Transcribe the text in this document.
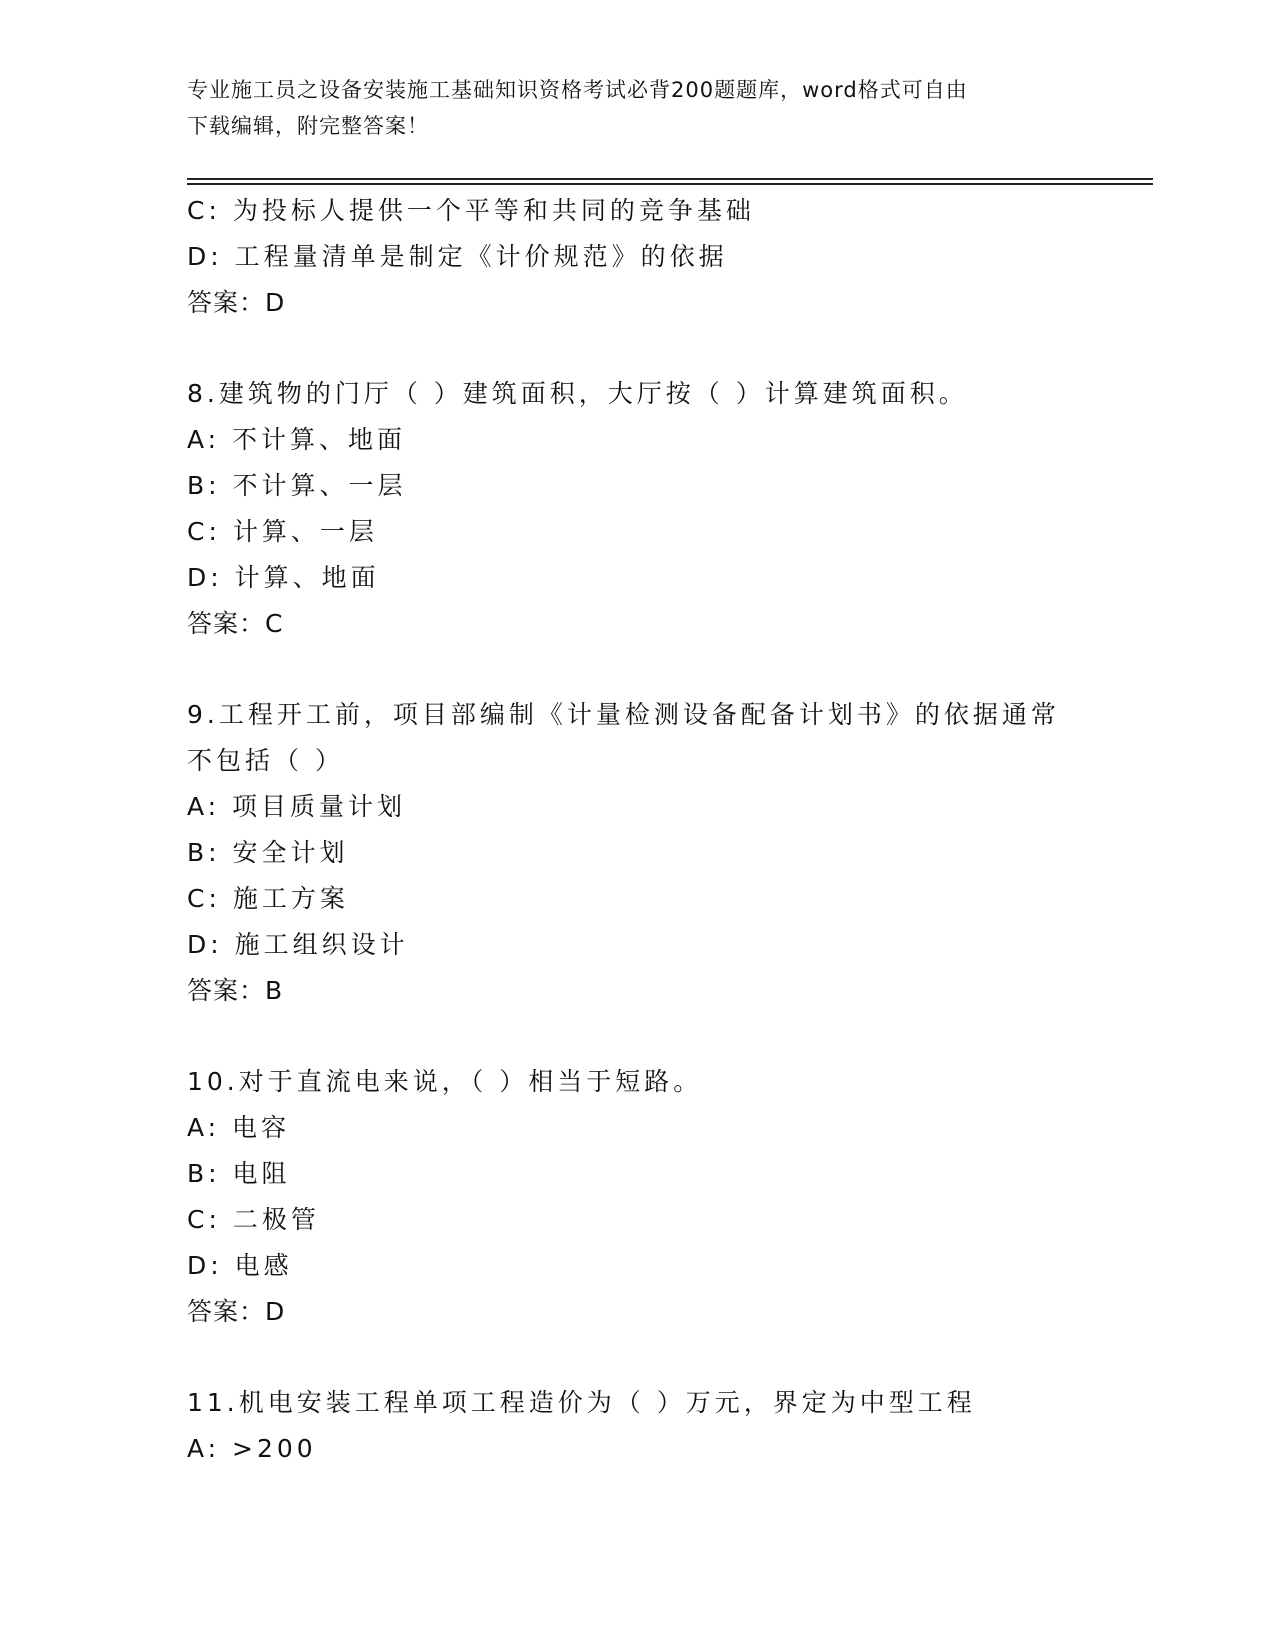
专业施工员之设备安装施工基础知识资格考试必背200题题库，word格式可自由
下载编辑，附完整答案！
C: 为投标人提供一个平等和共同的竞争基础
D: 工程量清单是制定《计价规范》的依据
答案：D
8.建筑物的门厅（ ）建筑面积，大厅按（ ）计算建筑面积。
A: 不计算、地面
B: 不计算、一层
C: 计算、一层
D: 计算、地面
答案：C
9.工程开工前，项目部编制《计量检测设备配备计划书》的依据通常
不包括（ ）
A: 项目质量计划
B: 安全计划
C: 施工方案
D: 施工组织设计
答案：B
10.对于直流电来说，（ ）相当于短路。
A: 电容
B: 电阻
C: 二极管
D: 电感
答案：D
11.机电安装工程单项工程造价为（ ）万元，界定为中型工程
A: >200
